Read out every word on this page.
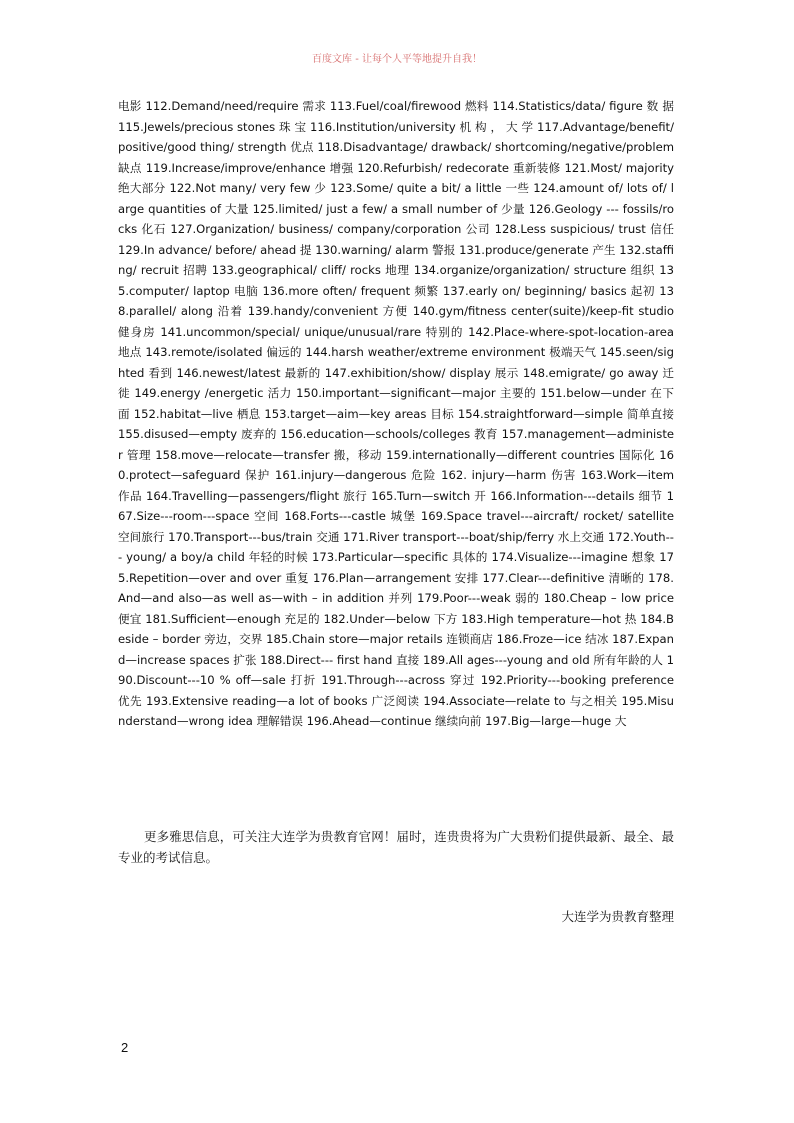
百度文库 - 让每个人平等地提升自我！
电影 112.Demand/need/require 需求 113.Fuel/coal/firewood 燃料 114.Statistics/data/ figure 数 据 115.Jewels/precious stones 珠 宝 116.Institution/university 机 构 ， 大 学 117.Advantage/benefit/ positive/good thing/ strength 优点 118.Disadvantage/ drawback/ shortcoming/negative/problem 缺点 119.Increase/improve/enhance 增强 120.Refurbish/ redecorate 重新装修 121.Most/ majority 绝大部分 122.Not many/ very few 少 123.Some/ quite a bit/ a little 一些 124.amount of/ lots of/ large quantities of 大量 125.limited/ just a few/ a small number of 少量 126.Geology --- fossils/rocks 化石 127.Organization/ business/ company/corporation 公司 128.Less suspicious/ trust 信任 129.In advance/ before/ ahead 提 130.warning/ alarm 警报 131.produce/generate 产生 132.staffing/ recruit 招聘 133.geographical/ cliff/ rocks 地理 134.organize/organization/ structure 组织 135.computer/ laptop 电脑 136.more often/ frequent 频繁 137.early on/ beginning/ basics 起初 138.parallel/ along 沿着 139.handy/convenient 方便 140.gym/fitness center(suite)/keep-fit studio 健身房 141.uncommon/special/ unique/unusual/rare 特别的 142.Place-where-spot-location-area 地点 143.remote/isolated 偏远的 144.harsh weather/extreme environment 极端天气 145.seen/sighted 看到 146.newest/latest 最新的 147.exhibition/show/ display 展示 148.emigrate/ go away 迁徙 149.energy /energetic 活力 150.important—significant—major 主要的 151.below—under 在下面 152.habitat—live 栖息 153.target—aim—key areas 目标 154.straightforward—simple 简单直接 155.disused—empty 废弃的 156.education—schools/colleges 教育 157.management—administer 管理 158.move—relocate—transfer 搬，移动 159.internationally—different countries 国际化 160.protect—safeguard 保护 161.injury—dangerous 危险 162. injury—harm 伤害 163.Work—item 作品 164.Travelling—passengers/flight 旅行 165.Turn—switch 开 166.Information---details 细节 167.Size---room---space 空间 168.Forts---castle 城堡 169.Space travel---aircraft/ rocket/ satellite 空间旅行 170.Transport---bus/train 交通 171.River transport---boat/ship/ferry 水上交通 172.Youth--- young/ a boy/a child 年轻的时候 173.Particular—specific 具体的 174.Visualize---imagine 想象 175.Repetition—over and over 重复 176.Plan—arrangement 安排 177.Clear---definitive 清晰的 178.And—and also—as well as—with – in addition 并列 179.Poor---weak 弱的 180.Cheap – low price 便宜 181.Sufficient—enough 充足的 182.Under—below 下方 183.High temperature—hot 热 184.Beside – border 旁边，交界 185.Chain store—major retails 连锁商店 186.Froze—ice 结冰 187.Expand—increase spaces 扩张 188.Direct--- first hand 直接 189.All ages---young and old 所有年龄的人 190.Discount---10 % off—sale 打折 191.Through---across 穿过 192.Priority---booking preference 优先 193.Extensive reading—a lot of books 广泛阅读 194.Associate—relate to 与之相关 195.Misunderstand—wrong idea 理解错误 196.Ahead—continue 继续向前 197.Big—large—huge 大
更多雅思信息，可关注大连学为贵教育官网！届时，连贵贵将为广大贵粉们提供最新、最全、最专业的考试信息。
大连学为贵教育整理
2
